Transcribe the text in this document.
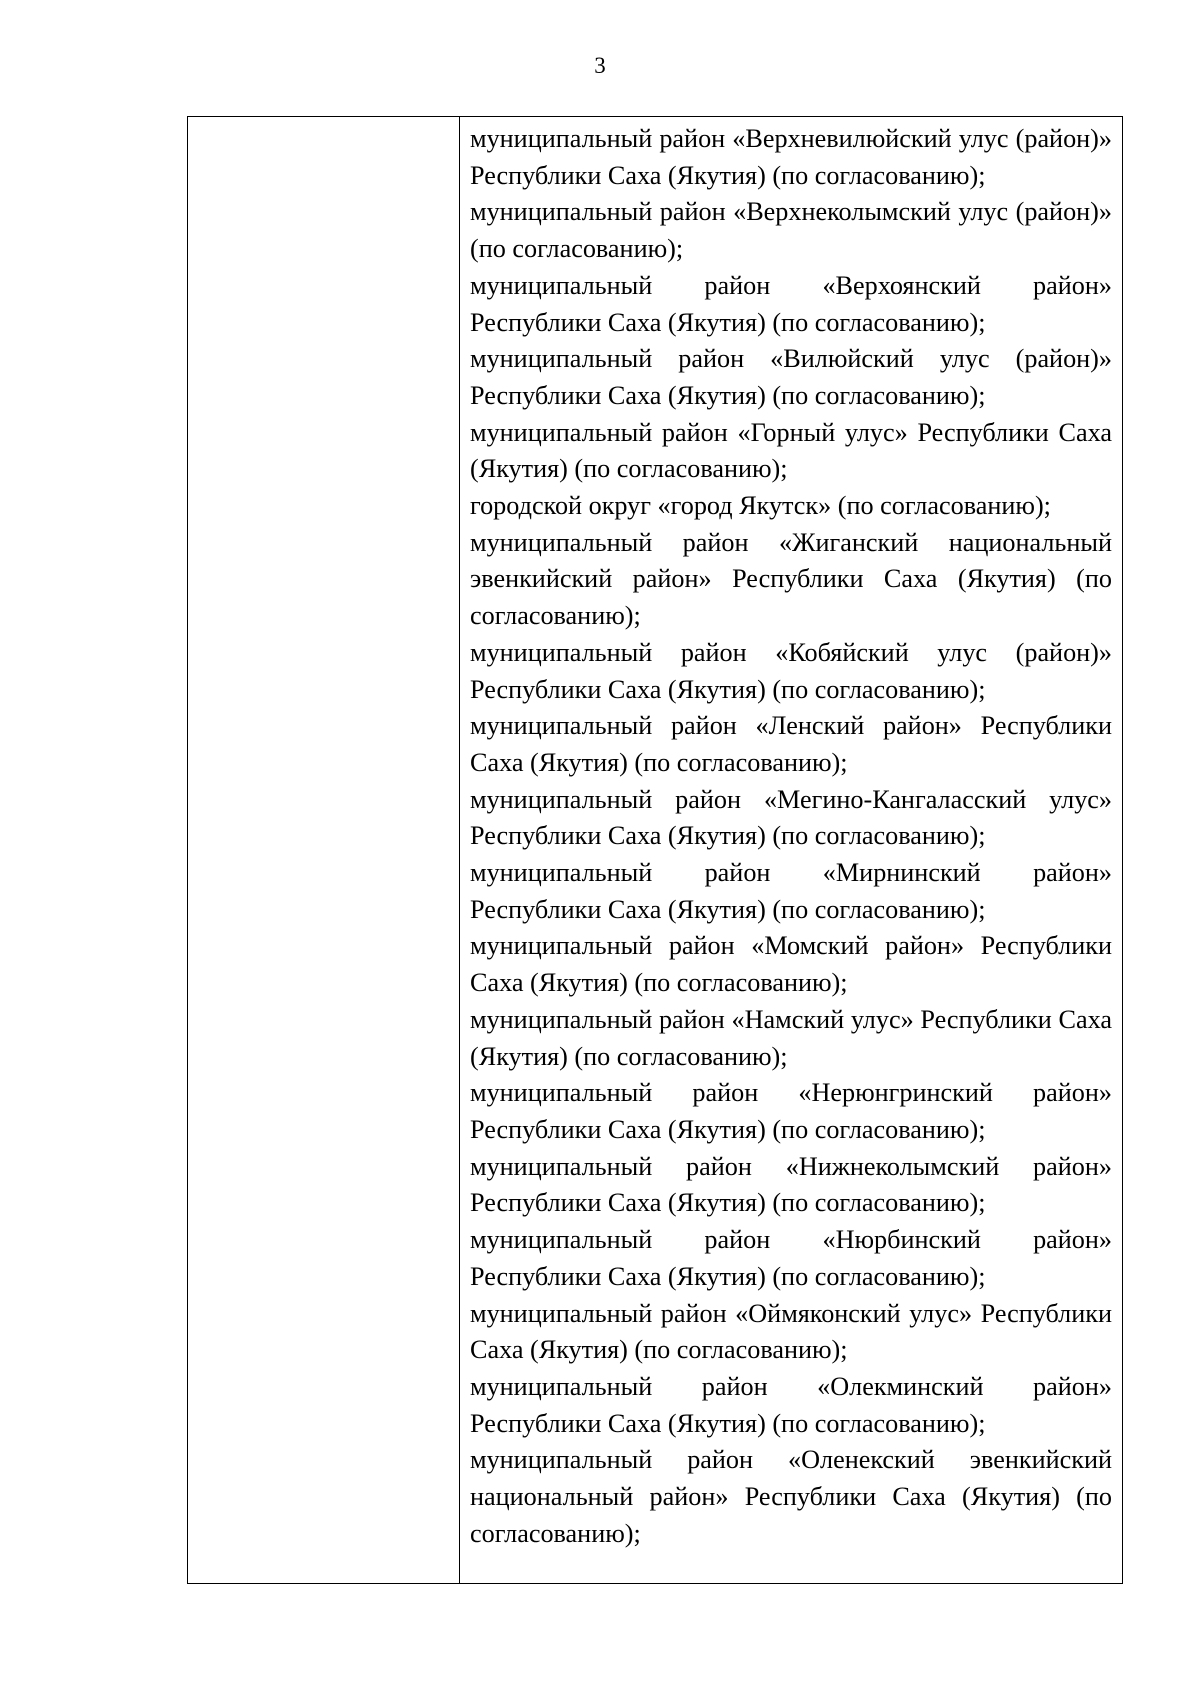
3

муниципальный район «Верхневилюйский улус (район)» Республики Саха (Якутия) (по согласованию);

муниципальный район «Верхнеколымский улус (район)» (по согласованию);

муниципальный район «Верхоянский район» Республики Саха (Якутия) (по согласованию);

муниципальный район «Вилюйский улус (район)» Республики Саха (Якутия) (по согласованию);

муниципальный район «Горный улус» Республики Саха (Якутия) (по согласованию);

городской округ «город Якутск» (по согласованию);

муниципальный район «Жиганский национальный эвенкийский район» Республики Саха (Якутия) (по согласованию);

муниципальный район «Кобяйский улус (район)» Республики Саха (Якутия) (по согласованию);

муниципальный район «Ленский район» Республики Саха (Якутия) (по согласованию);

муниципальный район «Мегино-Кангаласский улус» Республики Саха (Якутия) (по согласованию);

муниципальный район «Мирнинский район» Республики Саха (Якутия) (по согласованию);

муниципальный район «Момский район» Республики Саха (Якутия) (по согласованию);

муниципальный район «Намский улус» Республики Саха (Якутия) (по согласованию);

муниципальный район «Нерюнгринский район» Республики Саха (Якутия) (по согласованию);

муниципальный район «Нижнеколымский район» Республики Саха (Якутия) (по согласованию);

муниципальный район «Нюрбинский район» Республики Саха (Якутия) (по согласованию);

муниципальный район «Оймяконский улус» Республики Саха (Якутия) (по согласованию);

муниципальный район «Олекминский район» Республики Саха (Якутия) (по согласованию);

муниципальный район «Оленекский эвенкийский национальный район» Республики Саха (Якутия) (по согласованию);
